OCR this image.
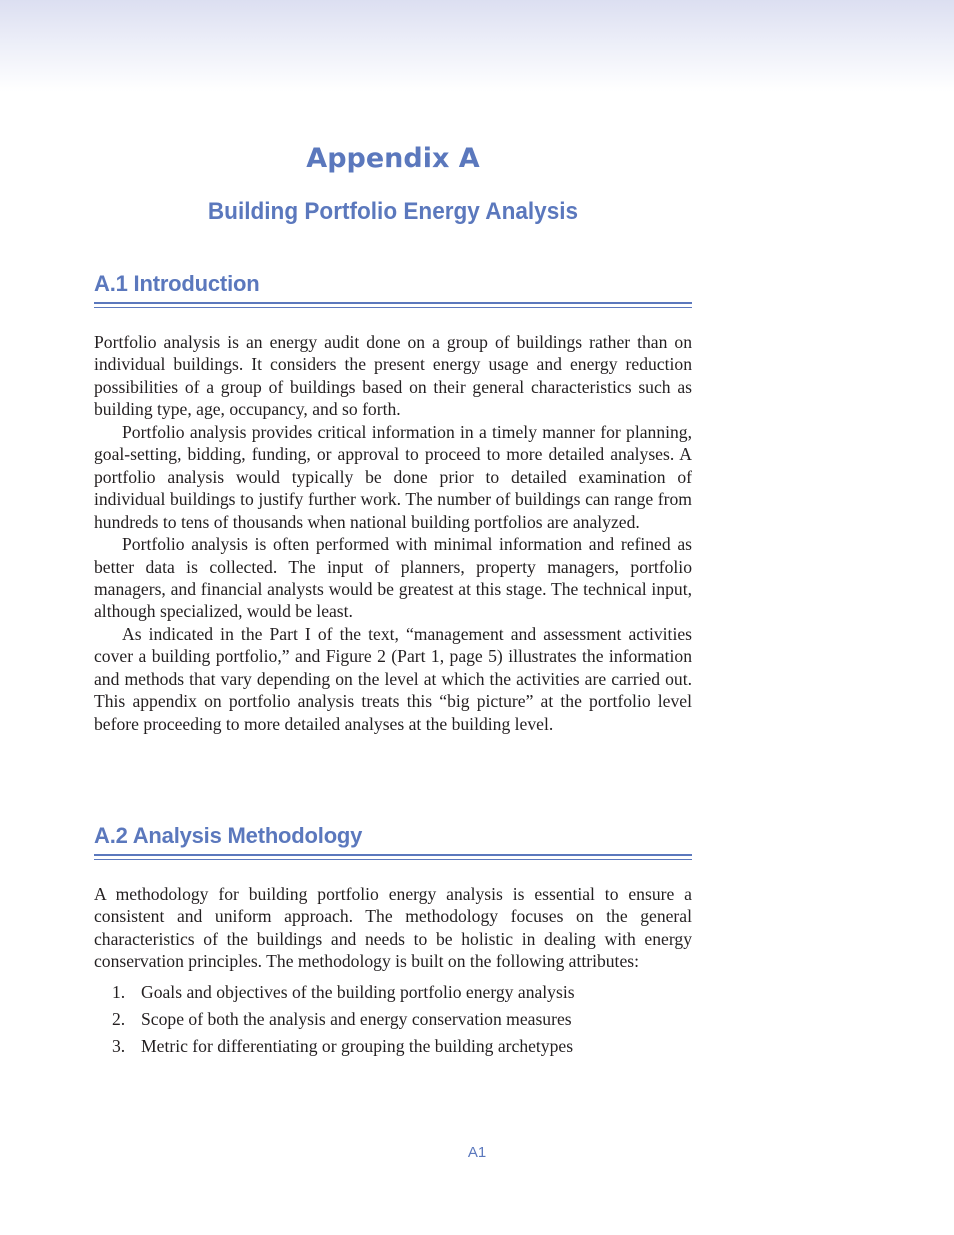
Appendix A
Building Portfolio Energy Analysis
A.1 Introduction

Portfolio analysis is an energy audit done on a group of buildings rather than on individual buildings. It considers the present energy usage and energy reduction possibilities of a group of buildings based on their general characteristics such as building type, age, occupancy, and so forth.

Portfolio analysis provides critical information in a timely manner for planning, goal-setting, bidding, funding, or approval to proceed to more detailed analyses. A portfolio analysis would typically be done prior to detailed examination of individual buildings to justify further work. The number of buildings can range from hundreds to tens of thousands when national building portfolios are analyzed.

Portfolio analysis is often performed with minimal information and refined as better data is collected. The input of planners, property managers, portfolio managers, and financial analysts would be greatest at this stage. The technical input, although specialized, would be least.

As indicated in the Part I of the text, “management and assessment activities cover a building portfolio,” and Figure 2 (Part 1, page 5) illustrates the information and methods that vary depending on the level at which the activities are carried out. This appendix on portfolio analysis treats this “big picture” at the portfolio level before proceeding to more detailed analyses at the building level.

A.2 Analysis Methodology

A methodology for building portfolio energy analysis is essential to ensure a consistent and uniform approach. The methodology focuses on the general characteristics of the buildings and needs to be holistic in dealing with energy conservation principles. The methodology is built on the following attributes:

1. Goals and objectives of the building portfolio energy analysis
2. Scope of both the analysis and energy conservation measures
3. Metric for differentiating or grouping the building archetypes
A1
